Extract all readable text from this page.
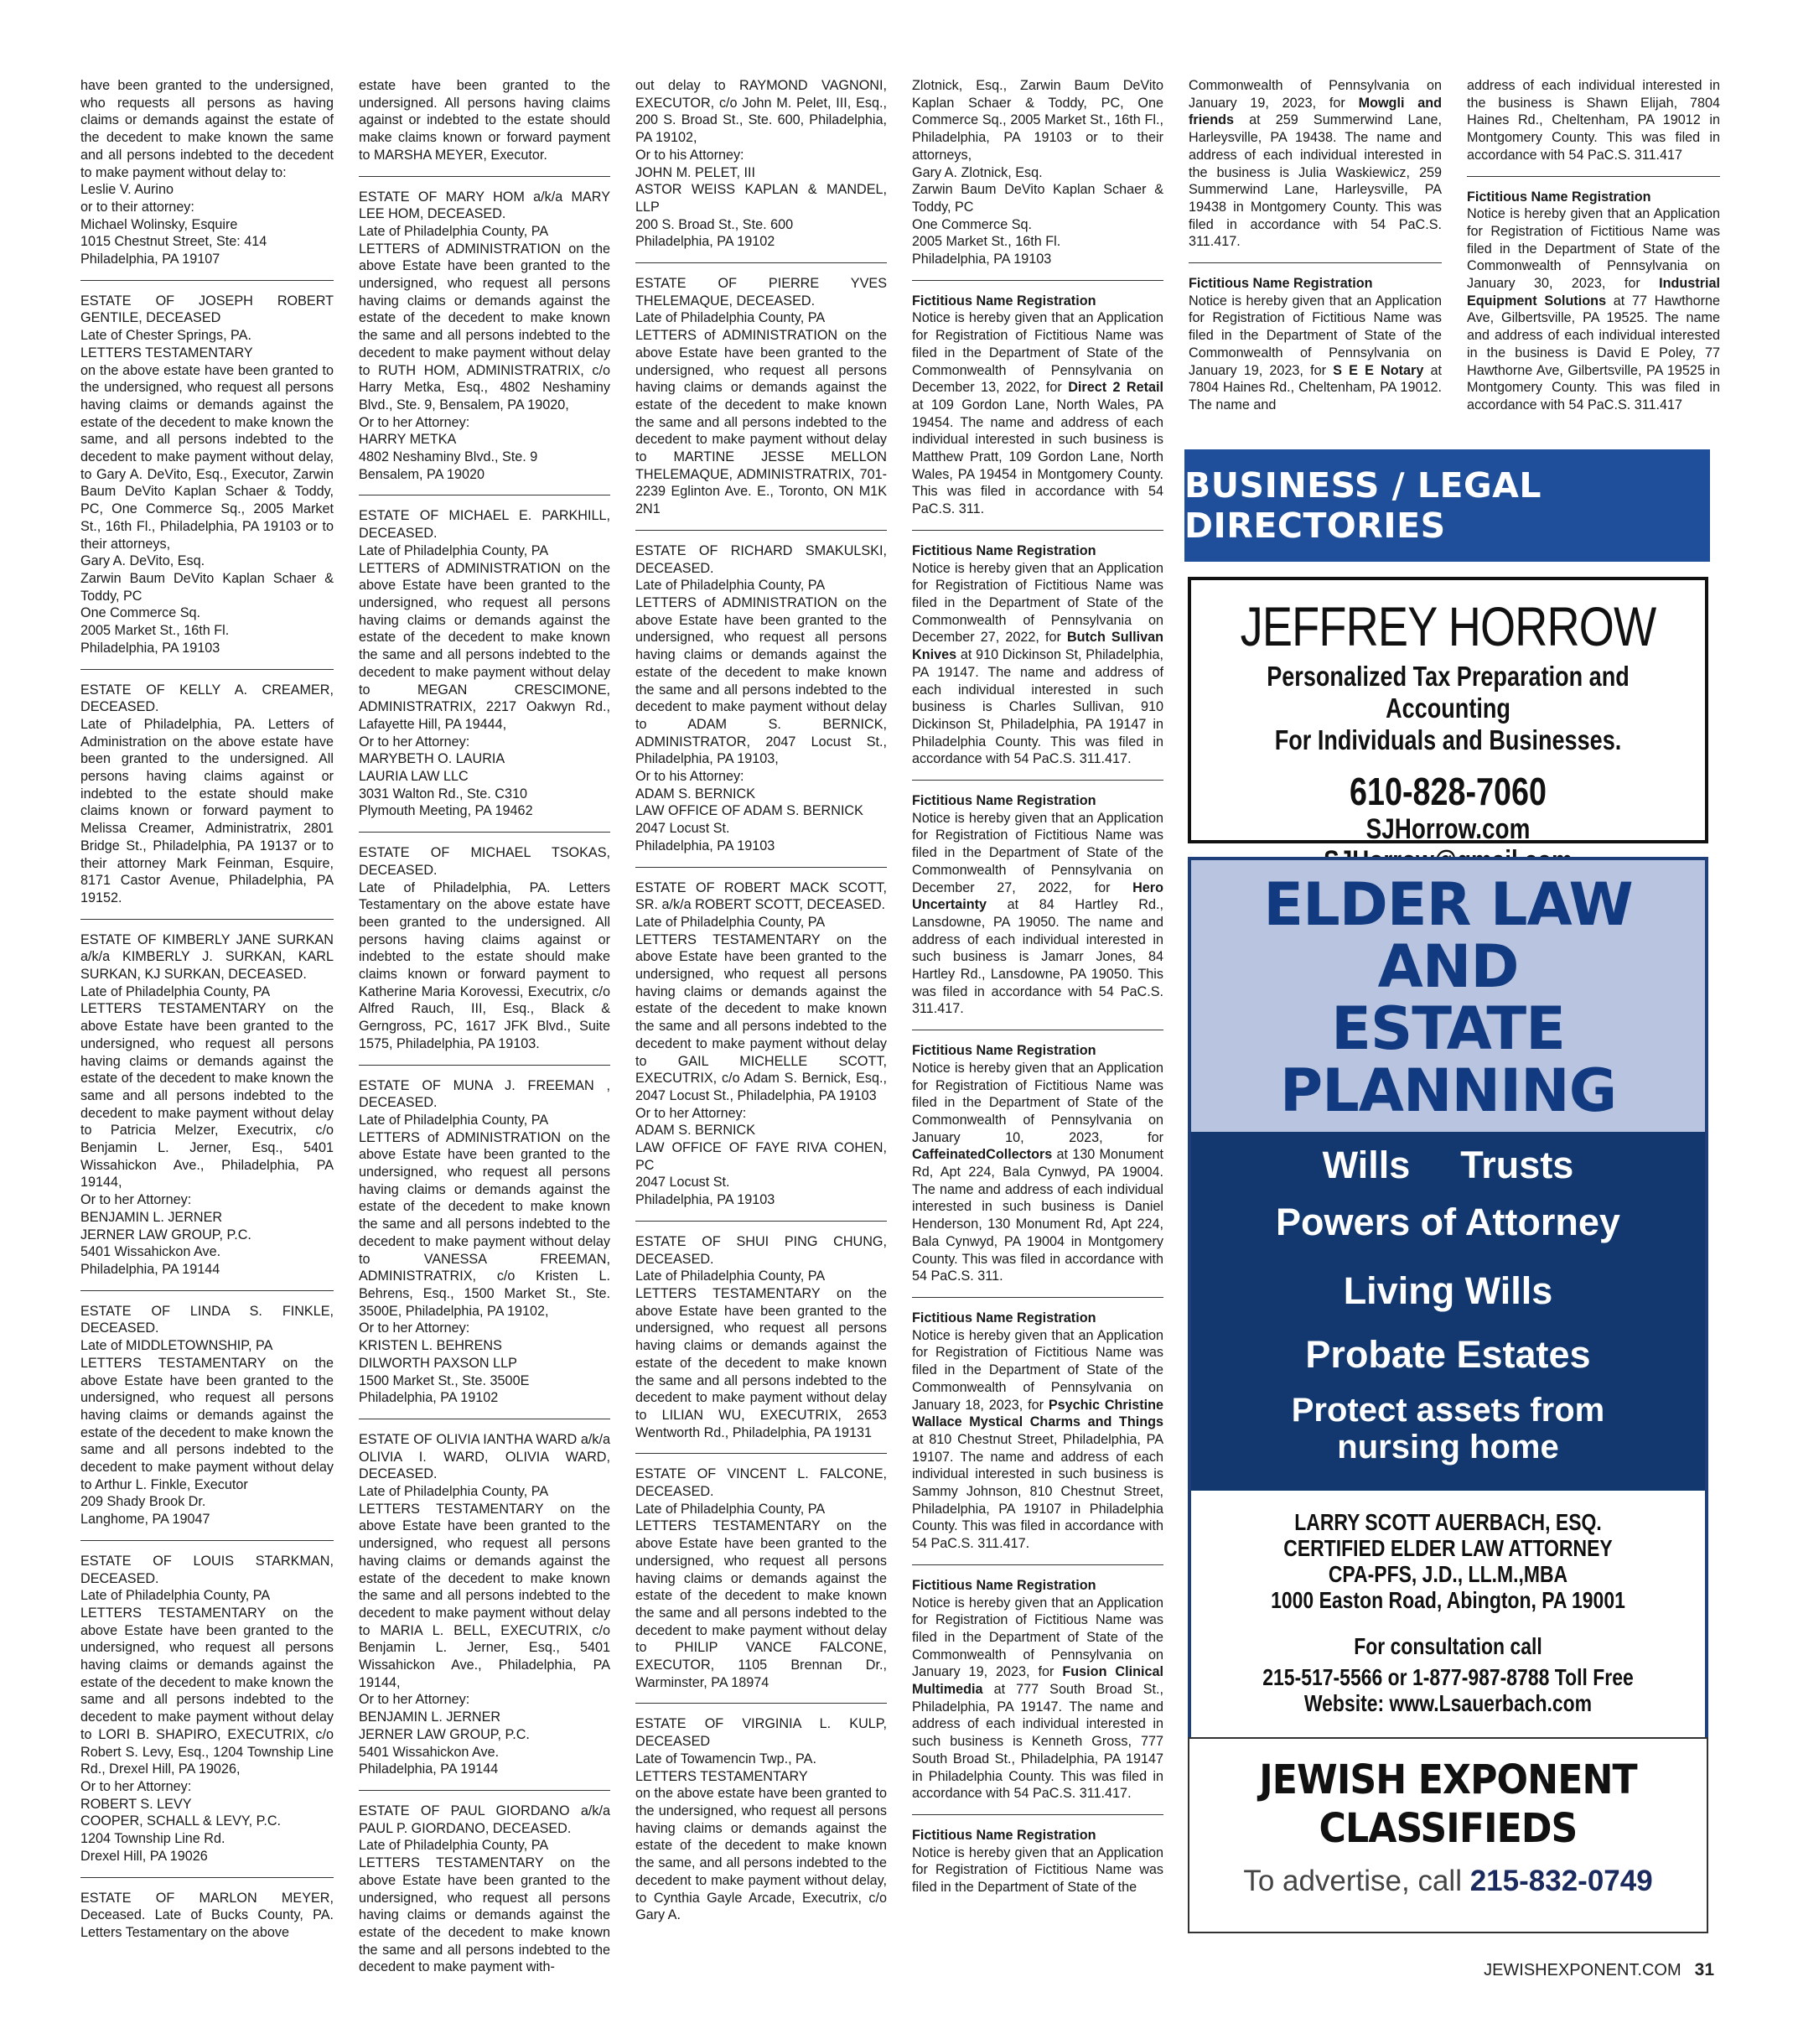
have been granted to the undersigned, who requests all persons as having claims or demands against the estate of the decedent to make known the same and all persons indebted to the decedent to make payment without delay to:
Leslie V. Aurino
or to their attorney:
Michael Wolinsky, Esquire
1015 Chestnut Street, Ste: 414
Philadelphia, PA 19107
ESTATE OF JOSEPH ROBERT GENTILE, DECEASED
Late of Chester Springs, PA.
LETTERS TESTAMENTARY
on the above estate have been granted to the undersigned, who request all persons having claims or demands against the estate of the decedent to make known the same, and all persons indebted to the decedent to make payment without delay, to Gary A. DeVito, Esq., Executor, Zarwin Baum DeVito Kaplan Schaer & Toddy, PC, One Commerce Sq., 2005 Market St., 16th Fl., Philadelphia, PA 19103 or to their attorneys,
Gary A. DeVito, Esq.
Zarwin Baum DeVito Kaplan Schaer & Toddy, PC
One Commerce Sq.
2005 Market St., 16th Fl.
Philadelphia, PA 19103
ESTATE OF KELLY A. CREAMER, DECEASED.
Late of Philadelphia, PA. Letters of Administration on the above estate have been granted to the undersigned. All persons having claims against or indebted to the estate should make claims known or forward payment to Melissa Creamer, Administratrix, 2801 Bridge St., Philadelphia, PA 19137 or to their attorney Mark Feinman, Esquire, 8171 Castor Avenue, Philadelphia, PA 19152.
ESTATE OF KIMBERLY JANE SURKAN a/k/a KIMBERLY J. SURKAN, KARL SURKAN, KJ SURKAN, DECEASED.
Late of Philadelphia County, PA
LETTERS TESTAMENTARY on the above Estate have been granted to the undersigned, who request all persons having claims or demands against the estate of the decedent to make known the same and all persons indebted to the decedent to make payment without delay to Patricia Melzer, Executrix, c/o Benjamin L. Jerner, Esq., 5401 Wissahickon Ave., Philadelphia, PA 19144,
Or to her Attorney:
BENJAMIN L. JERNER
JERNER LAW GROUP, P.C.
5401 Wissahickon Ave.
Philadelphia, PA 19144
ESTATE OF LINDA S. FINKLE, DECEASED.
Late of MIDDLETOWNSHIP, PA
LETTERS TESTAMENTARY on the above Estate have been granted to the undersigned, who request all persons having claims or demands against the estate of the decedent to make known the same and all persons indebted to the decedent to make payment without delay to Arthur L. Finkle, Executor
209 Shady Brook Dr.
Langhome, PA 19047
ESTATE OF LOUIS STARKMAN, DECEASED.
Late of Philadelphia County, PA
LETTERS TESTAMENTARY on the above Estate have been granted to the undersigned, who request all persons having claims or demands against the estate of the decedent to make known the same and all persons indebted to the decedent to make payment without delay to LORI B. SHAPIRO, EXECUTRIX, c/o Robert S. Levy, Esq., 1204 Township Line Rd., Drexel Hill, PA 19026,
Or to her Attorney:
ROBERT S. LEVY
COOPER, SCHALL & LEVY, P.C.
1204 Township Line Rd.
Drexel Hill, PA 19026
ESTATE OF MARLON MEYER, Deceased. Late of Bucks County, PA. Letters Testamentary on the above
estate have been granted to the undersigned. All persons having claims against or indebted to the estate should make claims known or forward payment to MARSHA MEYER, Executor.
ESTATE OF MARY HOM a/k/a MARY LEE HOM, DECEASED.
Late of Philadelphia County, PA
LETTERS of ADMINISTRATION on the above Estate have been granted to the undersigned, who request all persons having claims or demands against the estate of the decedent to make known the same and all persons indebted to the decedent to make payment without delay to RUTH HOM, ADMINISTRATRIX, c/o Harry Metka, Esq., 4802 Neshaminy Blvd., Ste. 9, Bensalem, PA 19020,
Or to her Attorney:
HARRY METKA
4802 Neshaminy Blvd., Ste. 9
Bensalem, PA 19020
ESTATE OF MICHAEL E. PARKHILL, DECEASED.
Late of Philadelphia County, PA
LETTERS of ADMINISTRATION on the above Estate have been granted to the undersigned, who request all persons having claims or demands against the estate of the decedent to make known the same and all persons indebted to the decedent to make payment without delay to MEGAN CRESCIMONE, ADMINISTRATRIX, 2217 Oakwyn Rd., Lafayette Hill, PA 19444,
Or to her Attorney:
MARYBETH O. LAURIA
LAURIA LAW LLC
3031 Walton Rd., Ste. C310
Plymouth Meeting, PA 19462
ESTATE OF MICHAEL TSOKAS, DECEASED.
Late of Philadelphia, PA. Letters Testamentary on the above estate have been granted to the undersigned. All persons having claims against or indebted to the estate should make claims known or forward payment to Katherine Maria Korovessi, Executrix, c/o Alfred Rauch, III, Esq., Black & Gerngross, PC, 1617 JFK Blvd., Suite 1575, Philadelphia, PA 19103.
ESTATE OF MUNA J. FREEMAN , DECEASED.
Late of Philadelphia County, PA
LETTERS of ADMINISTRATION on the above Estate have been granted to the undersigned, who request all persons having claims or demands against the estate of the decedent to make known the same and all persons indebted to the decedent to make payment without delay to VANESSA FREEMAN, ADMINISTRATRIX, c/o Kristen L. Behrens, Esq., 1500 Market St., Ste. 3500E, Philadelphia, PA 19102,
Or to her Attorney:
KRISTEN L. BEHRENS
DILWORTH PAXSON LLP
1500 Market St., Ste. 3500E
Philadelphia, PA 19102
ESTATE OF OLIVIA IANTHA WARD a/k/a OLIVIA I. WARD, OLIVIA WARD, DECEASED.
Late of Philadelphia County, PA
LETTERS TESTAMENTARY on the above Estate have been granted to the undersigned, who request all persons having claims or demands against the estate of the decedent to make known the same and all persons indebted to the decedent to make payment without delay to MARIA L. BELL, EXECUTRIX, c/o Benjamin L. Jerner, Esq., 5401 Wissahickon Ave., Philadelphia, PA 19144,
Or to her Attorney:
BENJAMIN L. JERNER
JERNER LAW GROUP, P.C.
5401 Wissahickon Ave.
Philadelphia, PA 19144
ESTATE OF PAUL GIORDANO a/k/a PAUL P. GIORDANO, DECEASED.
Late of Philadelphia County, PA
LETTERS TESTAMENTARY on the above Estate have been granted to the undersigned, who request all persons having claims or demands against the estate of the decedent to make known the same and all persons indebted to the decedent to make payment with-
out delay to RAYMOND VAGNONI, EXECUTOR, c/o John M. Pelet, III, Esq., 200 S. Broad St., Ste. 600, Philadelphia, PA 19102,
Or to his Attorney:
JOHN M. PELET, III
ASTOR WEISS KAPLAN & MANDEL, LLP
200 S. Broad St., Ste. 600
Philadelphia, PA 19102
ESTATE OF PIERRE YVES THELEMAQUE, DECEASED.
Late of Philadelphia County, PA
LETTERS of ADMINISTRATION on the above Estate have been granted to the undersigned, who request all persons having claims or demands against the estate of the decedent to make known the same and all persons indebted to the decedent to make payment without delay to MARTINE JESSE MELLON THELEMAQUE, ADMINISTRATRIX, 701-2239 Eglinton Ave. E., Toronto, ON M1K 2N1
ESTATE OF RICHARD SMAKULSKI, DECEASED.
Late of Philadelphia County, PA
LETTERS of ADMINISTRATION on the above Estate have been granted to the undersigned, who request all persons having claims or demands against the estate of the decedent to make known the same and all persons indebted to the decedent to make payment without delay to ADAM S. BERNICK, ADMINISTRATOR, 2047 Locust St., Philadelphia, PA 19103,
Or to his Attorney:
ADAM S. BERNICK
LAW OFFICE OF ADAM S. BERNICK
2047 Locust St.
Philadelphia, PA 19103
ESTATE OF ROBERT MACK SCOTT, SR. a/k/a ROBERT SCOTT, DECEASED.
Late of Philadelphia County, PA
LETTERS TESTAMENTARY on the above Estate have been granted to the undersigned, who request all persons having claims or demands against the estate of the decedent to make known the same and all persons indebted to the decedent to make payment without delay to GAIL MICHELLE SCOTT, EXECUTRIX, c/o Adam S. Bernick, Esq., 2047 Locust St., Philadelphia, PA 19103
Or to her Attorney:
ADAM S. BERNICK
LAW OFFICE OF FAYE RIVA COHEN, PC
2047 Locust St.
Philadelphia, PA 19103
ESTATE OF SHUI PING CHUNG, DECEASED.
Late of Philadelphia County, PA
LETTERS TESTAMENTARY on the above Estate have been granted to the undersigned, who request all persons having claims or demands against the estate of the decedent to make known the same and all persons indebted to the decedent to make payment without delay to LILIAN WU, EXECUTRIX, 2653 Wentworth Rd., Philadelphia, PA 19131
ESTATE OF VINCENT L. FALCONE, DECEASED.
Late of Philadelphia County, PA
LETTERS TESTAMENTARY on the above Estate have been granted to the undersigned, who request all persons having claims or demands against the estate of the decedent to make known the same and all persons indebted to the decedent to make payment without delay to PHILIP VANCE FALCONE, EXECUTOR, 1105 Brennan Dr., Warminster, PA 18974
ESTATE OF VIRGINIA L. KULP, DECEASED
Late of Towamencin Twp., PA.
LETTERS TESTAMENTARY
on the above estate have been granted to the undersigned, who request all persons having claims or demands against the estate of the decedent to make known the same, and all persons indebted to the decedent to make payment without delay, to Cynthia Gayle Arcade, Executrix, c/o Gary A.
Zlotnick, Esq., Zarwin Baum DeVito Kaplan Schaer & Toddy, PC, One Commerce Sq., 2005 Market St., 16th Fl., Philadelphia, PA 19103 or to their attorneys,
Gary A. Zlotnick, Esq.
Zarwin Baum DeVito Kaplan Schaer & Toddy, PC
One Commerce Sq.
2005 Market St., 16th Fl.
Philadelphia, PA 19103
Fictitious Name Registration
Notice is hereby given that an Application for Registration of Fictitious Name was filed in the Department of State of the Commonwealth of Pennsylvania on December 13, 2022, for Direct 2 Retail at 109 Gordon Lane, North Wales, PA 19454. The name and address of each individual interested in such business is Matthew Pratt, 109 Gordon Lane, North Wales, PA 19454 in Montgomery County. This was filed in accordance with 54 PaC.S. 311.
Fictitious Name Registration
Notice is hereby given that an Application for Registration of Fictitious Name was filed in the Department of State of the Commonwealth of Pennsylvania on December 27, 2022, for Butch Sullivan Knives at 910 Dickinson St, Philadelphia, PA 19147. The name and address of each individual interested in such business is Charles Sullivan, 910 Dickinson St, Philadelphia, PA 19147 in Philadelphia County. This was filed in accordance with 54 PaC.S. 311.417.
Fictitious Name Registration
Notice is hereby given that an Application for Registration of Fictitious Name was filed in the Department of State of the Commonwealth of Pennsylvania on December 27, 2022, for Hero Uncertainty at 84 Hartley Rd., Lansdowne, PA 19050. The name and address of each individual interested in such business is Jamarr Jones, 84 Hartley Rd., Lansdowne, PA 19050. This was filed in accordance with 54 PaC.S. 311.417.
Fictitious Name Registration
Notice is hereby given that an Application for Registration of Fictitious Name was filed in the Department of State of the Commonwealth of Pennsylvania on January 10, 2023, for CaffeinatedCollectors at 130 Monument Rd, Apt 224, Bala Cynwyd, PA 19004. The name and address of each individual interested in such business is Daniel Henderson, 130 Monument Rd, Apt 224, Bala Cynwyd, PA 19004 in Montgomery County. This was filed in accordance with 54 PaC.S. 311.
Fictitious Name Registration
Notice is hereby given that an Application for Registration of Fictitious Name was filed in the Department of State of the Commonwealth of Pennsylvania on January 18, 2023, for Psychic Christine Wallace Mystical Charms and Things at 810 Chestnut Street, Philadelphia, PA 19107. The name and address of each individual interested in such business is Sammy Johnson, 810 Chestnut Street, Philadelphia, PA 19107 in Philadelphia County. This was filed in accordance with 54 PaC.S. 311.417.
Fictitious Name Registration
Notice is hereby given that an Application for Registration of Fictitious Name was filed in the Department of State of the Commonwealth of Pennsylvania on January 19, 2023, for Fusion Clinical Multimedia at 777 South Broad St., Philadelphia, PA 19147. The name and address of each individual interested in such business is Kenneth Gross, 777 South Broad St., Philadelphia, PA 19147 in Philadelphia County. This was filed in accordance with 54 PaC.S. 311.417.
Fictitious Name Registration
Notice is hereby given that an Application for Registration of Fictitious Name was filed in the Department of State of the
Commonwealth of Pennsylvania on January 19, 2023, for Mowgli and friends at 259 Summerwind Lane, Harleysville, PA 19438. The name and address of each individual interested in the business is Julia Waskiewicz, 259 Summerwind Lane, Harleysville, PA 19438 in Montgomery County. This was filed in accordance with 54 PaC.S. 311.417.
Fictitious Name Registration
Notice is hereby given that an Application for Registration of Fictitious Name was filed in the Department of State of the Commonwealth of Pennsylvania on January 19, 2023, for S E E Notary at 7804 Haines Rd., Cheltenham, PA 19012. The name and
address of each individual interested in the business is Shawn Elijah, 7804 Haines Rd., Cheltenham, PA 19012 in Montgomery County. This was filed in accordance with 54 PaC.S. 311.417
Fictitious Name Registration
Notice is hereby given that an Application for Registration of Fictitious Name was filed in the Department of State of the Commonwealth of Pennsylvania on January 30, 2023, for Industrial Equipment Solutions at 77 Hawthorne Ave, Gilbertsville, PA 19525. The name and address of each individual interested in the business is David E Poley, 77 Hawthorne Ave, Gilbertsville, PA 19525 in Montgomery County. This was filed in accordance with 54 PaC.S. 311.417
BUSINESS / LEGAL DIRECTORIES
JEFFREY HORROW
Personalized Tax Preparation and Accounting
For Individuals and Businesses.
610-828-7060
SJHorrow.com
ELDER LAW
AND
ESTATE
PLANNING
Wills Trusts
Powers of Attorney
Living Wills
Probate Estates
Protect assets from
nursing home
LARRY SCOTT AUERBACH, ESQ.
CERTIFIED ELDER LAW ATTORNEY
CPA-PFS, J.D., LL.M.,MBA
1000 Easton Road, Abington, PA 19001
For consultation call
215-517-5566 or 1-877-987-8788 Toll Free
Website: www.Lsauerbach.com
JEWISH EXPONENT
CLASSIFIEDS
To advertise, call 215-832-0749
JEWISHEXPONENT.COM 31
